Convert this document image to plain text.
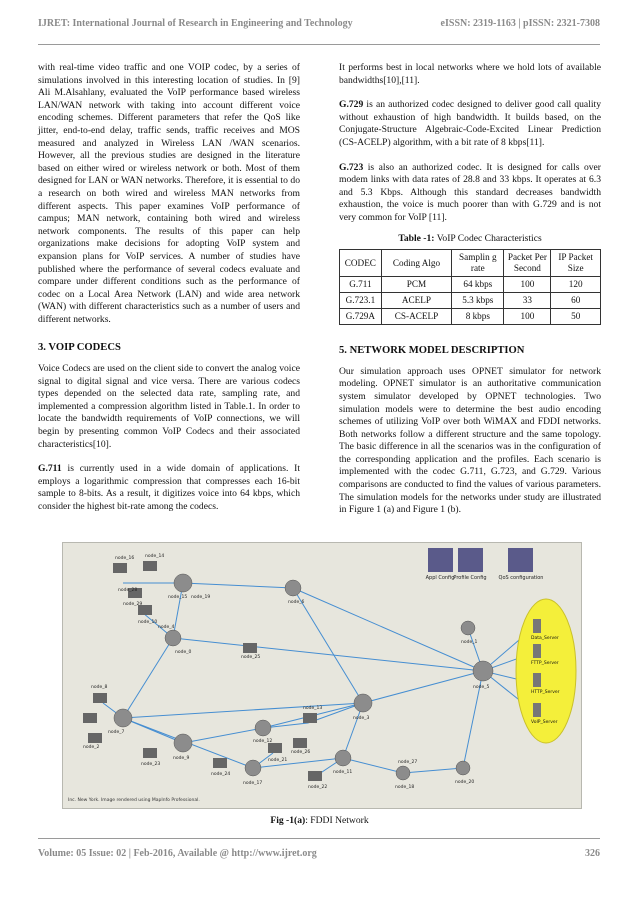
IJRET: International Journal of Research in Engineering and Technology	eISSN: 2319-1163 | pISSN: 2321-7308

with real-time video traffic and one VOIP codec, by a series of simulations involved in this interesting location of studies. In [9] Ali M.Alsahlany, evaluated the VoIP performance based wireless LAN/WAN network with taking into account different voice encoding schemes. Different parameters that refer the QoS like jitter, end-to-end delay, traffic sends, traffic receives and MOS measured and analyzed in Wireless LAN /WAN scenarios. However, all the previous studies are designed in the literature based on either wired or wireless network or both. Most of them designed for LAN or WAN networks. Therefore, it is essential to do a research on both wired and wireless MAN networks from different aspects. This paper examines VoIP performance of campus; MAN network, containing both wired and wireless network components. The results of this paper can help organizations make decisions for adopting VoIP system and expansion plans for VoIP services. A number of studies have published where the performance of several codecs evaluate and compare under different conditions such as the performance of codec on a Local Area Network (LAN) and wide area network (WAN) with different characteristics such as a number of users and different networks.

3. VOIP CODECS

Voice Codecs are used on the client side to convert the analog voice signal to digital signal and vice versa. There are various codecs types depended on the selected data rate, sampling rate, and implemented a compression algorithm listed in Table.1. In order to locate the bandwidth requirements of VoIP connections, we will begin by presenting common VoIP Codecs and their associated characteristics[10].

G.711 is currently used in a wide domain of applications. It employs a logarithmic compression that compresses each 16-bit sample to 8-bits. As a result, it digitizes voice into 64 kbps, which consider the highest bit-rate among the codecs.

It performs best in local networks where we hold lots of available bandwidths[10],[11].

G.729 is an authorized codec designed to deliver good call quality without exhaustion of high bandwidth. It builds based, on the Conjugate-Structure Algebraic-Code-Excited Linear Prediction (CS-ACELP) algorithm, with a bit rate of 8 kbps[11].

G.723 is also an authorized codec. It is designed for calls over modem links with data rates of 28.8 and 33 kbps. It operates at 6.3 and 5.3 Kbps. Although this standard decreases bandwidth exhaustion, the voice is much poorer than with G.729 and is not very common for VoIP [11].

Table -1: VoIP Codec Characteristics
CODEC	Coding Algo	Samplin g rate	Packet Per Second	IP Packet Size
G.711	PCM	64 kbps	100	120
G.723.1	ACELP	5.3 kbps	33	60
G.729A	CS-ACELP	8 kbps	100	50
5. NETWORK MODEL DESCRIPTION

Our simulation approach uses OPNET simulator for network modeling. OPNET simulator is an authoritative communication system simulator developed by OPNET technologies. Two simulation models were to determine the best audio encoding schemes of utilizing VoIP over both WiMAX and FDDI networks. Both networks follow a different structure and the same topology. The basic difference in all the scenarios was in the configuration of the corresponding application and the profiles. Each scenario is implemented with the codec G.711, G.723, and G.729. Various comparisons are conducted to find the values of various parameters. The simulation models for the networks under study are illustrated in Figure 1 (a) and Figure 1 (b).

Appl Config Profile Config QoS configuration
Data_Server
FTTP_Server
HTTP_Server
VoIP_Server
node_14
node_16
node_15 node_19
node_4
node_0
node_6
node_10
node_8
node_7
node_2
node_5
node_1
node_3
node_9
node_13
node_12
node_11
node_17
node_18
node_20
node_21
node_22
node_23
node_24
node_25
node_26
node_27
node_28
node_29
Inc. New York. Image rendered using MapInfo Professional.
Fig -1(a): FDDI Network
Volume: 05 Issue: 02 | Feb-2016, Available @ http://www.ijret.org	326
